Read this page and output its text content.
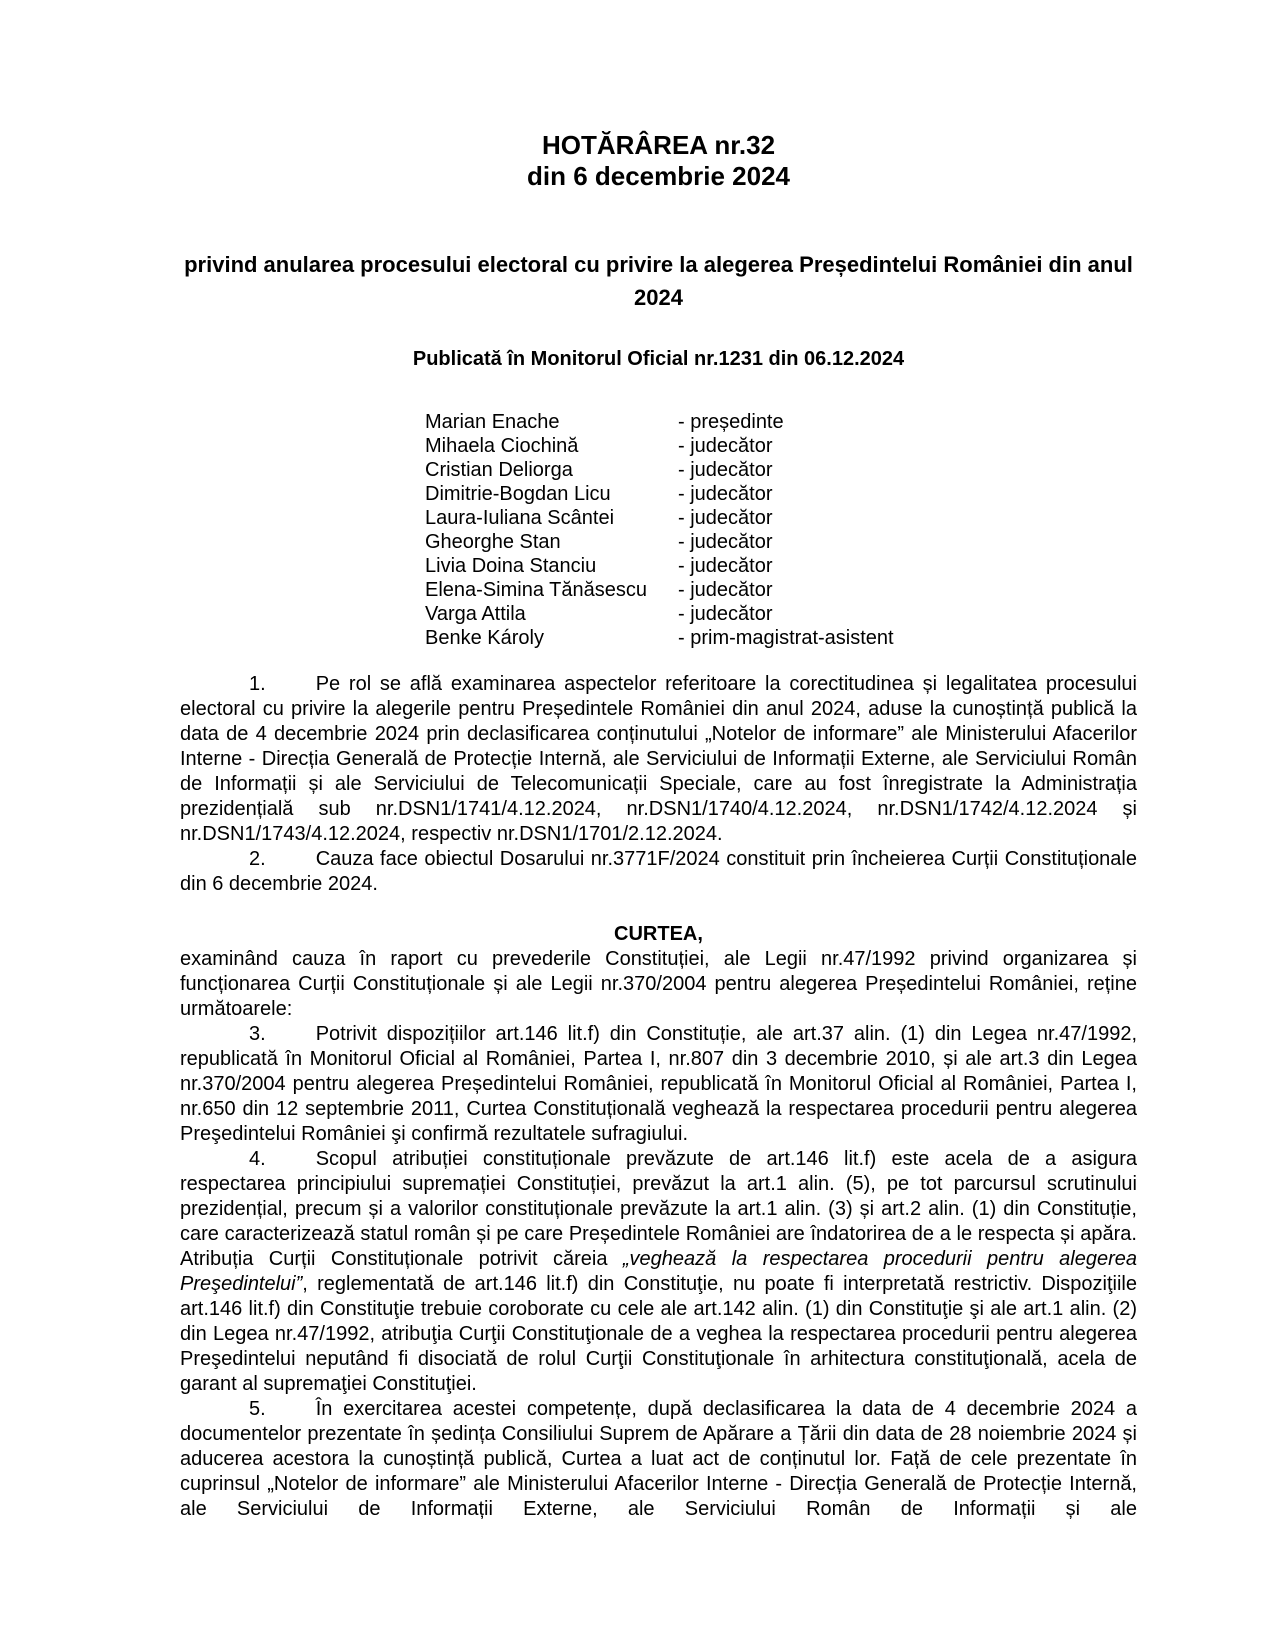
HOTĂRÂREA nr.32
din 6 decembrie 2024
privind anularea procesului electoral cu privire la alegerea Președintelui României din anul 2024
Publicată în Monitorul Oficial nr.1231 din 06.12.2024
Marian Enache	- președinte
Mihaela Ciochină	- judecător
Cristian Deliorga	- judecător
Dimitrie-Bogdan Licu	- judecător
Laura-Iuliana Scântei	- judecător
Gheorghe Stan	- judecător
Livia Doina Stanciu	- judecător
Elena-Simina Tănăsescu	- judecător
Varga Attila	- judecător
Benke Károly	- prim-magistrat-asistent

1.	Pe rol se află examinarea aspectelor referitoare la corectitudinea și legalitatea procesului electoral cu privire la alegerile pentru Președintele României din anul 2024, aduse la cunoștință publică la data de 4 decembrie 2024 prin declasificarea conținutului „Notelor de informare” ale Ministerului Afacerilor Interne - Direcția Generală de Protecție Internă, ale Serviciului de Informații Externe, ale Serviciului Român de Informații și ale Serviciului de Telecomunicații Speciale, care au fost înregistrate la Administrația prezidențială sub nr.DSN1/1741/4.12.2024, nr.DSN1/1740/4.12.2024, nr.DSN1/1742/4.12.2024 și nr.DSN1/1743/4.12.2024, respectiv nr.DSN1/1701/2.12.2024.

2.	Cauza face obiectul Dosarului nr.3771F/2024 constituit prin încheierea Curții Constituționale din 6 decembrie 2024.

CURTEA,

examinând cauza în raport cu prevederile Constituției, ale Legii nr.47/1992 privind organizarea și funcționarea Curții Constituționale și ale Legii nr.370/2004 pentru alegerea Președintelui României, reține următoarele:

3.	Potrivit dispozițiilor art.146 lit.f) din Constituție, ale art.37 alin. (1) din Legea nr.47/1992, republicată în Monitorul Oficial al României, Partea I, nr.807 din 3 decembrie 2010, și ale art.3 din Legea nr.370/2004 pentru alegerea Președintelui României, republicată în Monitorul Oficial al României, Partea I, nr.650 din 12 septembrie 2011, Curtea Constituțională veghează la respectarea procedurii pentru alegerea Preşedintelui României şi confirmă rezultatele sufragiului.

4.	Scopul atribuției constituționale prevăzute de art.146 lit.f) este acela de a asigura respectarea principiului supremației Constituției, prevăzut la art.1 alin. (5), pe tot parcursul scrutinului prezidențial, precum și a valorilor constituționale prevăzute la art.1 alin. (3) și art.2 alin. (1) din Constituție, care caracterizează statul român și pe care Președintele României are îndatorirea de a le respecta și apăra. Atribuția Curții Constituționale potrivit căreia „veghează la respectarea procedurii pentru alegerea Preşedintelui”, reglementată de art.146 lit.f) din Constituţie, nu poate fi interpretată restrictiv. Dispoziţiile art.146 lit.f) din Constituţie trebuie coroborate cu cele ale art.142 alin. (1) din Constituţie şi ale art.1 alin. (2) din Legea nr.47/1992, atribuţia Curţii Constituţionale de a veghea la respectarea procedurii pentru alegerea Preşedintelui neputând fi disociată de rolul Curţii Constituţionale în arhitectura constituţională, acela de garant al supremaţiei Constituţiei.

5.	În exercitarea acestei competențe, după declasificarea la data de 4 decembrie 2024 a documentelor prezentate în ședința Consiliului Suprem de Apărare a Țării din data de 28 noiembrie 2024 și aducerea acestora la cunoștință publică, Curtea a luat act de conținutul lor. Față de cele prezentate în cuprinsul „Notelor de informare” ale Ministerului Afacerilor Interne - Direcția Generală de Protecție Internă, ale Serviciului de Informații Externe, ale Serviciului Român de Informații și ale
